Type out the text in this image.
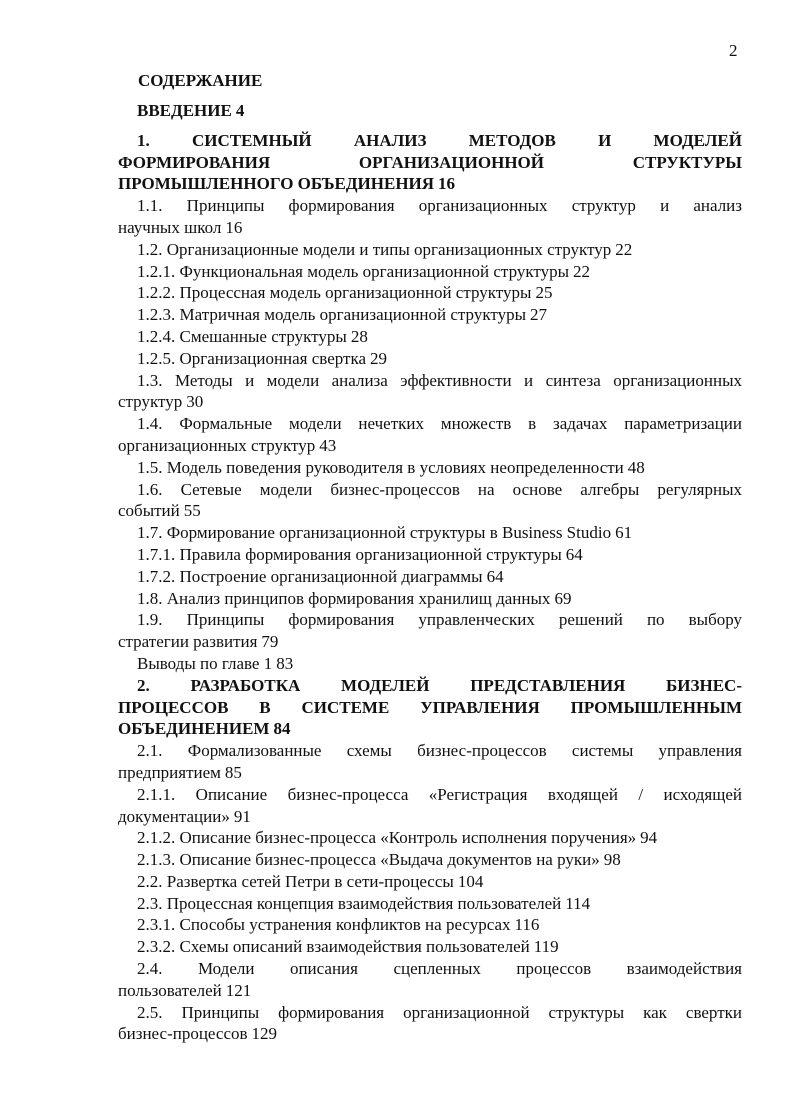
2
СОДЕРЖАНИЕ
ВВЕДЕНИЕ 4
1. СИСТЕМНЫЙ АНАЛИЗ МЕТОДОВ И МОДЕЛЕЙ
ФОРМИРОВАНИЯ ОРГАНИЗАЦИОННОЙ СТРУКТУРЫ
ПРОМЫШЛЕННОГО ОБЪЕДИНЕНИЯ 16
1.1. Принципы формирования организационных структур и анализ
научных школ 16
1.2. Организационные модели и типы организационных структур 22
1.2.1. Функциональная модель организационной структуры 22
1.2.2. Процессная модель организационной структуры 25
1.2.3. Матричная модель организационной структуры 27
1.2.4. Смешанные структуры 28
1.2.5. Организационная свертка 29
1.3. Методы и модели анализа эффективности и синтеза организационных
структур 30
1.4. Формальные модели нечетких множеств в задачах параметризации
организационных структур 43
1.5. Модель поведения руководителя в условиях неопределенности 48
1.6. Сетевые модели бизнес-процессов на основе алгебры регулярных
событий 55
1.7. Формирование организационной структуры в Business Studio 61
1.7.1. Правила формирования организационной структуры 64
1.7.2. Построение организационной диаграммы 64
1.8. Анализ принципов формирования хранилищ данных 69
1.9. Принципы формирования управленческих решений по выбору
стратегии развития 79
Выводы по главе 1 83
2. РАЗРАБОТКА МОДЕЛЕЙ ПРЕДСТАВЛЕНИЯ БИЗНЕС-
ПРОЦЕССОВ В СИСТЕМЕ УПРАВЛЕНИЯ ПРОМЫШЛЕННЫМ
ОБЪЕДИНЕНИЕМ 84
2.1. Формализованные схемы бизнес-процессов системы управления
предприятием 85
2.1.1. Описание бизнес-процесса «Регистрация входящей / исходящей
документации» 91
2.1.2. Описание бизнес-процесса «Контроль исполнения поручения» 94
2.1.3. Описание бизнес-процесса «Выдача документов на руки» 98
2.2. Развертка сетей Петри в сети-процессы 104
2.3. Процессная концепция взаимодействия пользователей 114
2.3.1. Способы устранения конфликтов на ресурсах 116
2.3.2. Схемы описаний взаимодействия пользователей 119
2.4. Модели описания сцепленных процессов взаимодействия
пользователей 121
2.5. Принципы формирования организационной структуры как свертки
бизнес-процессов 129
